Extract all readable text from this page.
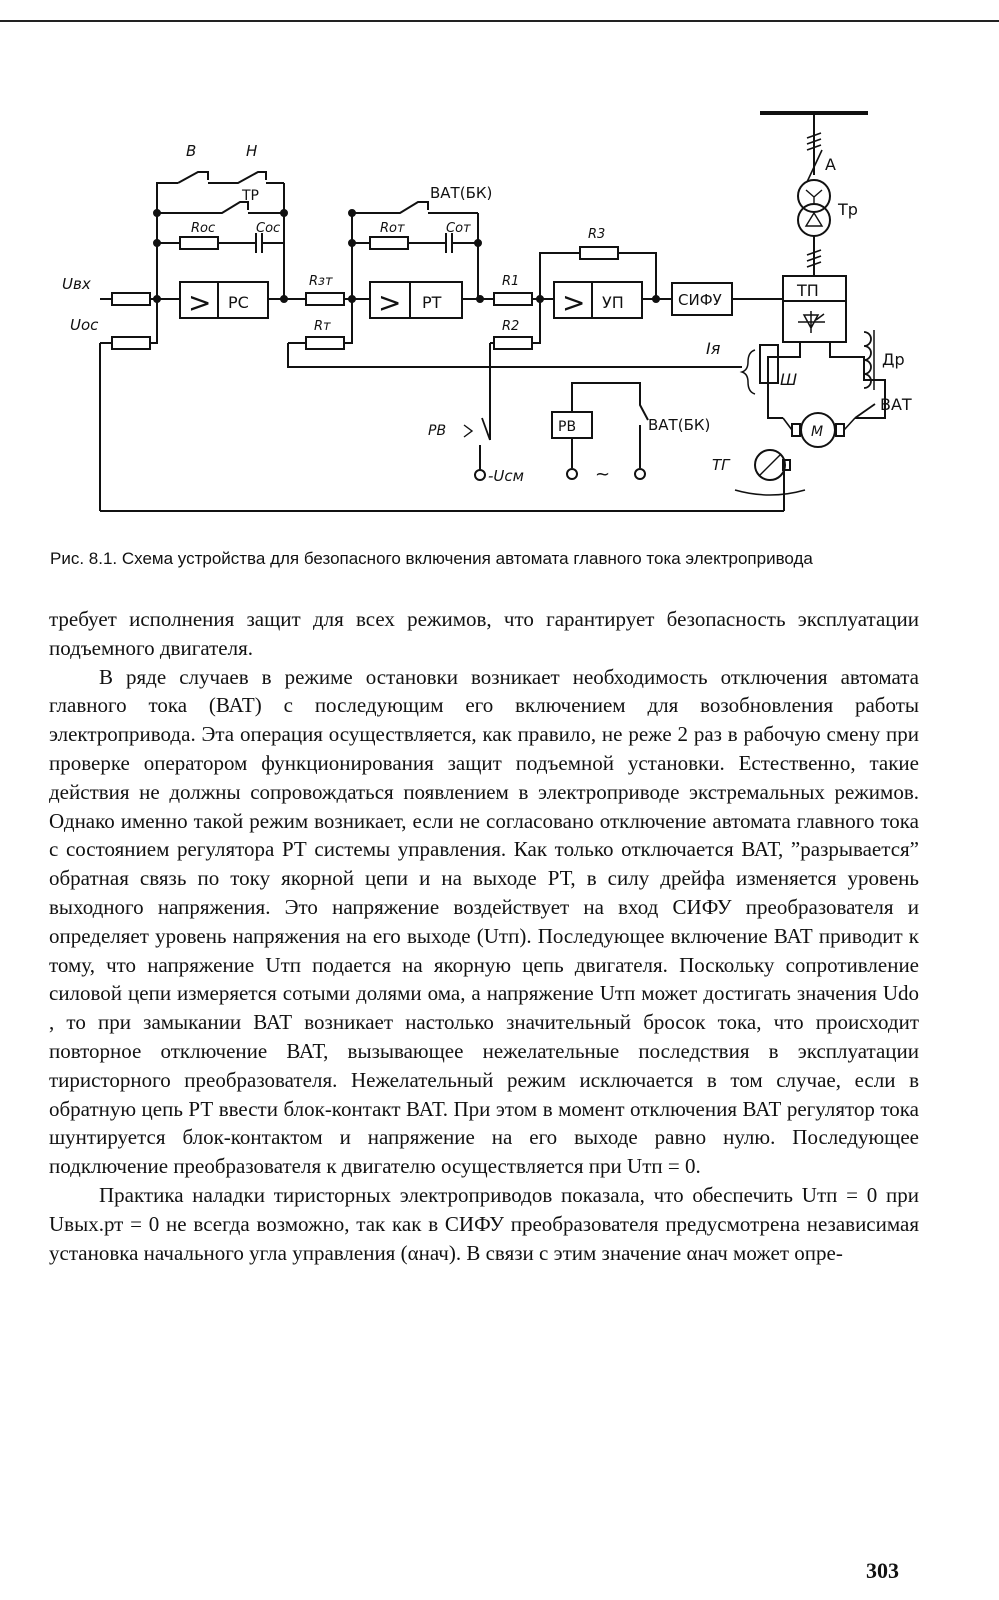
А
Тр
ТП
Ш
Др
ВАТ
М
ТГ
Iя
Uвх
Uос
> РС
В	Н
ТР
Rос	Cос
Rзт
Rт
> РТ
ВАТ(БК)
Rот	Cот
R1
R2
РВ
-Uсм
> УП
R3
СИФУ
РВ	ВАТ(БК)
~
Рис. 8.1. Схема устройства для безопасного включения автомата главного тока электропривода

требует исполнения защит для всех режимов, что гарантирует безопасность эксплуатации подъемного двигателя.

В ряде случаев в режиме остановки возникает необходимость отключения автомата главного тока (ВАТ) с последующим его включением для возобновления работы электропривода. Эта операция осуществляется, как правило, не реже 2 раз в рабочую смену при проверке оператором функционирования защит подъемной установки. Естественно, такие действия не должны сопровождаться появлением в электроприводе экстремальных режимов. Однако именно такой режим возникает, если не согласовано отключение автомата главного тока с состоянием регулятора РТ системы управления. Как только отключается ВАТ, ”разрывается” обратная связь по току якорной цепи и на выходе РТ, в силу дрейфа изменяется уровень выходного напряжения. Это напряжение воздействует на вход СИФУ преобразователя и определяет уровень напряжения на его выходе (Uтп). Последующее включение ВАТ приводит к тому, что напряжение Uтп подается на якорную цепь двигателя. Поскольку сопротивление силовой цепи измеряется сотыми долями ома, а напряжение Uтп может достигать значения Udo , то при замыкании ВАТ возникает настолько значительный бросок тока, что происходит повторное отключение ВАТ, вызывающее нежелательные последствия в эксплуатации тиристорного преобразователя. Нежелательный режим исключается в том случае, если в обратную цепь РТ ввести блок-контакт ВАТ. При этом в момент отключения ВАТ регулятор тока шунтируется блок-контактом и напряжение на его выходе равно нулю. Последующее подключение преобразователя к двигателю осуществляется при Uтп = 0.

Практика наладки тиристорных электроприводов показала, что обеспечить Uтп = 0 при Uвых.рт = 0 не всегда возможно, так как в СИФУ преобразователя предусмотрена независимая установка начального угла управления (αнач). В связи с этим значение αнач может опре-

303
